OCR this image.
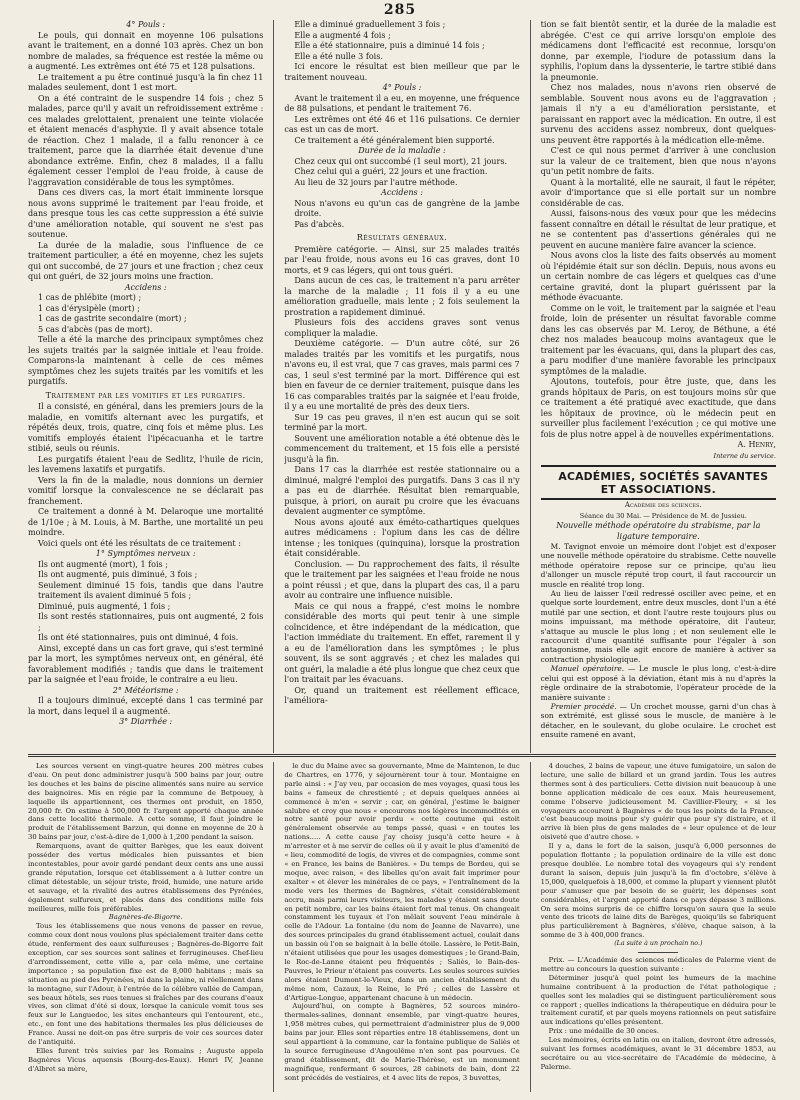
285

4° Pouls :

Le pouls, qui donnait en moyenne 106 pulsations avant le traitement, en a donné 103 après. Chez un bon nombre de malades, sa fréquence est restée la même ou a augmenté. Les extrêmes ont été 75 et 128 pulsations.

Le traitement a pu être continué jusqu'à la fin chez 11 malades seulement, dont 1 est mort.

On a été contraint de le suspendre 14 fois ; chez 5 malades, parce qu'il y avait un refroidissement extrême : ces malades grelottaient, prenaient une teinte violacée et étaient menacés d'asphyxie. Il y avait absence totale de réaction. Chez 1 malade, il a fallu renoncer à ce traitement, parce que la diarrhée était devenue d'une abondance extrême. Enfin, chez 8 malades, il a fallu également cesser l'emploi de l'eau froide, à cause de l'aggravation considérable de tous les symptômes.

Dans ces divers cas, la mort était imminente lorsque nous avons supprimé le traitement par l'eau froide, et dans presque tous les cas cette suppression a été suivie d'une amélioration notable, qui souvent ne s'est pas soutenue.

La durée de la maladie, sous l'influence de ce traitement particulier, a été en moyenne, chez les sujets qui ont succombé, de 27 jours et une fraction ; chez ceux qui ont guéri, de 32 jours moins une fraction.

Accidens :

1 cas de phlébite (mort) ;

1 cas d'érysipèle (mort) ;

1 cas de gastrite secondaire (mort) ;

5 cas d'abcès (pas de mort).

Telle a été la marche des principaux symptômes chez les sujets traités par la saignée initiale et l'eau froide. Comparons-la maintenant à celle de ces mêmes symptômes chez les sujets traités par les vomitifs et les purgatifs.

Traitement par les vomitifs et les purgatifs.

Il a consisté, en général, dans les premiers jours de la maladie, en vomitifs alternant avec les purgatifs, et répétés deux, trois, quatre, cinq fois et même plus. Les vomitifs employés étaient l'ipécacuanha et le tartre stibié, seuls ou réunis.

Les purgatifs étaient l'eau de Sedlitz, l'huile de ricin, les lavemens laxatifs et purgatifs.

Vers la fin de la maladie, nous donnions un dernier vomitif lorsque la convalescence ne se déclarait pas franchement.

Ce traitement a donné à M. Delaroque une mortalité de 1/10e ; à M. Louis, à M. Barthe, une mortalité un peu moindre.

Voici quels ont été les résultats de ce traitement :

1° Symptômes nerveux :

Ils ont augmenté (mort), 1 fois ;

Ils ont augmenté, puis diminué, 3 fois ;

Seulement diminué 15 fois, tandis que dans l'autre traitement ils avaient diminué 5 fois ;

Diminué, puis augmenté, 1 fois ;

Ils sont restés stationnaires, puis ont augmenté, 2 fois ;

Ils ont été stationnaires, puis ont diminué, 4 fois.

Ainsi, excepté dans un cas fort grave, qui s'est terminé par la mort, les symptômes nerveux ont, en général, été favorablement modifiés ; tandis que dans le traitement par la saignée et l'eau froide, le contraire a eu lieu.

2° Météorisme :

Il a toujours diminué, excepté dans 1 cas terminé par la mort, dans lequel il a augmenté.

3° Diarrhée :

Elle a diminué graduellement 3 fois ;

Elle a augmenté 4 fois ;

Elle a été stationnaire, puis a diminué 14 fois ;

Elle a été nulle 3 fois.

Ici encore le résultat est bien meilleur que par le traitement nouveau.

4° Pouls :

Avant le traitement il a eu, en moyenne, une fréquence de 88 pulsations, et pendant le traitement 76.

Les extrêmes ont été 46 et 116 pulsations. Ce dernier cas est un cas de mort.

Ce traitement a été généralement bien supporté.

Durée de la maladie :

Chez ceux qui ont succombé (1 seul mort), 21 jours.

Chez celui qui a guéri, 22 jours et une fraction.

Au lieu de 32 jours par l'autre méthode.

Accidens :

Nous n'avons eu qu'un cas de gangrène de la jambe droite.

Pas d'abcès.

Résultats généraux.

Première catégorie. — Ainsi, sur 25 malades traités par l'eau froide, nous avons eu 16 cas graves, dont 10 morts, et 9 cas légers, qui ont tous guéri.

Dans aucun de ces cas, le traitement n'a paru arrêter la marche de la maladie ; 11 fois il y a eu une amélioration graduelle, mais lente ; 2 fois seulement la prostration a rapidement diminué.

Plusieurs fois des accidens graves sont venus compliquer la maladie.

Deuxième catégorie. — D'un autre côté, sur 26 malades traités par les vomitifs et les purgatifs, nous n'avons eu, il est vrai, que 7 cas graves, mais parmi ces 7 cas, 1 seul s'est terminé par la mort. Différence qui est bien en faveur de ce dernier traitement, puisque dans les 16 cas comparables traités par la saignée et l'eau froide, il y a eu une mortalité de près des deux tiers.

Sur 19 cas peu graves, il n'en est aucun qui se soit terminé par la mort.

Souvent une amélioration notable a été obtenue dès le commencement du traitement, et 15 fois elle a persisté jusqu'à la fin.

Dans 17 cas la diarrhée est restée stationnaire ou a diminué, malgré l'emploi des purgatifs. Dans 3 cas il n'y a pas eu de diarrhée. Résultat bien remarquable, puisque, à priori, on aurait pu croire que les évacuans devaient augmenter ce symptôme.

Nous avons ajouté aux éméto-cathartiques quelques autres médicamens : l'opium dans les cas de délire intense ; les toniques (quinquina), lorsque la prostration était considérable.

Conclusion. — Du rapprochement des faits, il résulte que le traitement par les saignées et l'eau froide ne nous a point réussi ; et que, dans la plupart des cas, il a paru avoir au contraire une influence nuisible.

Mais ce qui nous a frappé, c'est moins le nombre considérable des morts qui peut tenir à une simple coïncidence, et être indépendant de la médication, que l'action immédiate du traitement. En effet, rarement il y a eu de l'amélioration dans les symptômes ; le plus souvent, ils se sont aggravés ; et chez les malades qui ont guéri, la maladie a été plus longue que chez ceux que l'on traitait par les évacuans.

Or, quand un traitement est réellement efficace, l'améliora-

tion se fait bientôt sentir, et la durée de la maladie est abrégée. C'est ce qui arrive lorsqu'on emploie des médicamens dont l'efficacité est reconnue, lorsqu'on donne, par exemple, l'iodure de potassium dans la syphilis, l'opium dans la dyssenterie, le tartre stibié dans la pneumonie.

Chez nos malades, nous n'avons rien observé de semblable. Souvent nous avons eu de l'aggravation ; jamais il n'y a eu d'amélioration persistante, et paraissant en rapport avec la médication. En outre, il est survenu des accidens assez nombreux, dont quelques-uns peuvent être rapportés à la médication elle-même.

C'est ce qui nous permet d'arriver à une conclusion sur la valeur de ce traitement, bien que nous n'ayons qu'un petit nombre de faits.

Quant à la mortalité, elle ne saurait, il faut le répéter, avoir d'importance que si elle portait sur un nombre considérable de cas.

Aussi, faisons-nous des vœux pour que les médecins fassent connaître en détail le résultat de leur pratique, et ne se contentent pas d'assertions générales qui ne peuvent en aucune manière faire avancer la science.

Nous avons clos la liste des faits observés au moment où l'épidémie était sur son déclin. Depuis, nous avons eu un certain nombre de cas légers et quelques cas d'une certaine gravité, dont la plupart guérissent par la méthode évacuante.

Comme on le voit, le traitement par la saignée et l'eau froide, loin de présenter un résultat favorable comme dans les cas observés par M. Leroy, de Béthune, a été chez nos malades beaucoup moins avantageux que le traitement par les évacuans, qui, dans la plupart des cas, a paru modifier d'une manière favorable les principaux symptômes de la maladie.

Ajoutons, toutefois, pour être juste, que, dans les grands hôpitaux de Paris, on est toujours moins sûr que ce traitement a été pratiqué avec exactitude, que dans les hôpitaux de province, où le médecin peut en surveiller plus facilement l'exécution ; ce qui motive une fois de plus notre appel à de nouvelles expérimentations.

A. Henry,

Interne du service.

ACADÉMIES, SOCIÉTÉS SAVANTES ET ASSOCIATIONS.

Académie des sciences.

Séance du 30 Mai. — Présidence de M. de Jussieu.

Nouvelle méthode opératoire du strabisme, par la ligature temporaire.

M. Tavignot envoie un mémoire dont l'objet est d'exposer une nouvelle méthode opératoire du strabisme. Cette nouvelle méthode opératoire repose sur ce principe, qu'au lieu d'allonger un muscle réputé trop court, il faut raccourcir un muscle en réalité trop long.

Au lieu de laisser l'œil redressé osciller avec peine, et en quelque sorte lourdement, entre deux muscles, dont l'un a été mutilé par une section, et dont l'autre reste toujours plus ou moins impuissant, ma méthode opératoire, dit l'auteur, s'attaque au muscle le plus long ; et non seulement elle le raccourcit d'une quantité suffisante pour l'égaler à son antagonisme, mais elle agit encore de manière à activer sa contraction physiologique.

Manuel opératoire. — Le muscle le plus long, c'est-à-dire celui qui est opposé à la déviation, étant mis à nu d'après la règle ordinaire de la strabotomie, l'opérateur procède de la manière suivante :

Premier procédé. — Un crochet mousse, garni d'un chas à son extrémité, est glissé sous le muscle, de manière à le détacher, en le soulevant, du globe oculaire. Le crochet est ensuite ramené en avant,

Les sources versent en vingt-quatre heures 200 mètres cubes d'eau. On peut donc administrer jusqu'à 500 bains par jour, outre les douches et les bains de piscine alimentés sans nuire au service des baignoires. Mis en régie par la commune de Betpouey, à laquelle ils appartiennent, ces thermes ont produit, en 1850, 20,000 fr. On estime à 500,000 fr. l'argent apporté chaque année dans cette localité thermale. A cette somme, il faut joindre le produit de l'établissement Barzun, qui donne en moyenne de 20 à 30 bains par jour, c'est-à-dire de 1,000 à 1,200 pendant la saison.

Remarquons, avant de quitter Barèges, que les eaux doivent posséder des vertus médicales bien puissantes et bien incontestables, pour avoir gardé pendant deux cents ans une aussi grande réputation, lorsque cet établissement a à lutter contre un climat détestable, un séjour triste, froid, humide, une nature aride et sauvage, et la rivalité des autres établissemens des Pyrénées, également sulfureux, et placés dans des conditions mille fois meilleures, mille fois préférables.

Bagnères-de-Bigorre.

Tous les établissemens que nous venons de passer en revue, comme ceux dont nous voulons plus spécialement traiter dans cette étude, renferment des eaux sulfureuses ; Bagnères-de-Bigorre fait exception, car ses sources sont salines et ferrugineuses. Chef-lieu d'arrondissement, cette ville a, par cela même, une certaine importance ; sa population fixe est de 8,000 habitans ; mais sa situation au pied des Pyrénées, ni dans la plaine, ni réellement dans la montagne, sur l'Adour, à l'entrée de la célèbre vallée de Campan, ses beaux hôtels, ses rues tenues si fraîches par des courans d'eaux vives, son climat d'été si doux, lorsque la canicule vomit tous ses feux sur le Languedoc, les sites enchanteurs qui l'entourent, etc., etc., en font une des habitations thermales les plus délicieuses de France. Aussi ne doit-on pas être surpris de voir ces sources dater de l'antiquité.

Elles furent très suivies par les Romains ; Auguste appela Bagnères Vicus aquensis (Bourg-des-Eaux). Henri IV, Jeanne d'Albret sa mère,

le duc du Maine avec sa gouvernante, Mme de Maintenon, le duc de Chartres, en 1776, y séjournèrent tour à tour. Montaigne en parle ainsi : « J'ay veu, par occasion de mes voyages, quasi tous les bains « fameux de chrestienté ; et depuis quelques années ai commencé à m'en « servir ; car, en général, j'estime le baigner salubre et croy que nous « encourons nos légères incommodités en notre santé pour avoir perdu « cette coutume qui estoit généralement observée au temps passé, quasi « en toutes les nations..... A cette cause j'ay choisy jusqu'à cette heure « à m'arrester et à me servir de celles où il y avait le plus d'amenité de « lieu, commodité de logis, de vivres et de compagnies, comme sont « en France, les bains de Banières. » Du temps de Bordeu, qui se moque, avec raison, « des libelles qu'on avait fait imprimer pour exalter « et élever les minérales de ce pays, » l'entraînement de la mode vers les thermes de Bagnères, s'était considérablement accru, mais parmi leurs visiteurs, les malades y étaient sans doute en petit nombre, car les bains étaient fort mal tenus. On changeait constamment les tuyaux et l'on mêlait souvent l'eau minérale à celle de l'Adour. La fontaine (du nom de Jeanne de Navarre), une des sources principales du grand établissement actuel, coulait dans un bassin où l'on se baignait à la belle étoile. Lassère, le Petit-Bain, n'étaient utilisées que pour les usages domestiques ; le Grand-Bain, le Roc-de-Lanne étaient peu fréquentés ; Saliès, le Bain-des-Pauvres, le Prieur n'étaient pas couverts. Les seules sources suivies alors étaient Dumont-le-Vieux, dans un ancien établissement du même nom, Cazaux, la Reine, le Pré ; celles de Lassère et d'Artigue-Longue, appartenant chacune à un médecin.

Aujourd'hui, on compte à Bagnères, 52 sources minéro-thermales-salines, donnant ensemble, par vingt-quatre heures, 1,958 mètres cubes, qui permettraient d'administrer plus de 9,000 bains par jour. Elles sont réparties entre 18 établissemens, dont un seul appartient à la commune, car la fontaine publique de Saliès et la source ferrugineuse d'Angoulême n'en sont pas pourvues. Ce grand établissement, dit de Marie-Thérèse, est un monument magnifique, renfermant 6 sources, 28 cabinets de bain, dont 22 sont précédés de vestiaires, et 4 avec lits de repos, 3 buvettes,

4 douches, 2 bains de vapeur, une étuve fumigatoire, un salon de lecture, une salle de billard et un grand jardin. Tous les autres thermes sont à des particuliers. Cette division nuit beaucoup à une bonne application médicale de ces eaux. Mais heureusement, comme l'observe judicieusement M. Cavillier-Fleury, « si les voyageurs accourent à Bagnères « de tous les points de la France, c'est beaucoup moins pour s'y guérir que pour s'y distraire, et il arrive là bien plus de gens malades de « leur opulence et de leur oisiveté que d'autre chose. »

Il y a, dans le fort de la saison, jusqu'à 6,000 personnes de population flottante ; la population ordinaire de la ville est donc presque doublée. Le nombre total des voyageurs qui s'y rendent durant la saison, depuis juin jusqu'à la fin d'octobre, s'élève à 15,000, quelquefois à 18,000, et comme la plupart y viennent plutôt pour s'amuser que par besoin de se guérir, les dépenses sont considérables, et l'argent apporté dans ce pays dépasse 3 millions. On sera moins surpris de ce chiffre lorsqu'on saura que la seule vente des tricots de laine dits de Barèges, quoiqu'ils se fabriquent plus particulièrement à Bagnères, s'élève, chaque saison, à la somme de 3 à 400,000 francs.

(La suite à un prochain no.)

Prix. — L'Académie des sciences médicales de Palerme vient de mettre au concours la question suivante :

Déterminer jusqu'à quel point les humeurs de la machine humaine contribuent à la production de l'état pathologique ; quelles sont les maladies qui se distinguent particulièrement sous ce rapport ; quelles indications la thérapeutique en déduira pour le traitement curatif, et par quels moyens rationnels on peut satisfaire aux indications qu'elles présentent.

Prix : une médaille de 30 onces.

Les mémoires, écrits en latin ou en italien, devront être adressés, suivant les formes académiques, avant le 31 décembre 1853, au secrétaire ou au vice-secrétaire de l'Académie de médecine, à Palerme.
